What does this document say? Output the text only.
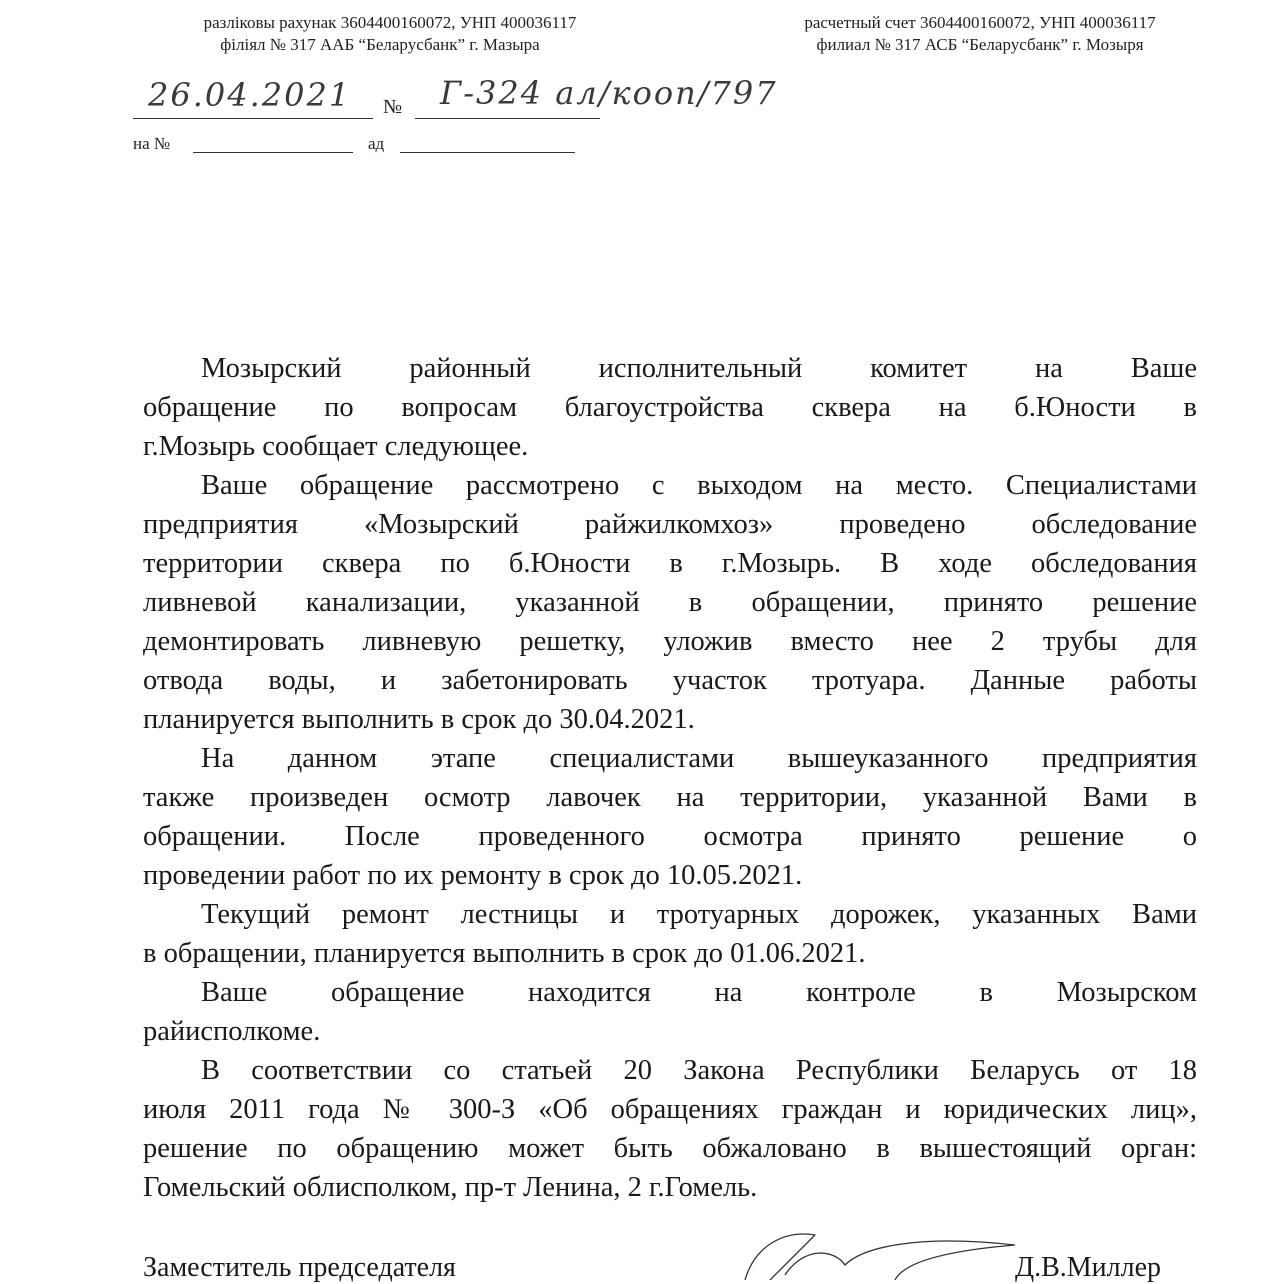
разліковы рахунак 3604400160072, УНП 400036117
філіял № 317 ААБ “Беларусбанк” г. Мазыра
расчетный счет 3604400160072, УНП 400036117
филиал № 317 АСБ “Беларусбанк” г. Мозыря
26.04.2021 № Г-324 ал/кооп/797
на №	ад
Мозырский районный исполнительный комитет на Ваше
обращение по вопросам благоустройства сквера на б.Юности в
г.Мозырь сообщает следующее.
Ваше обращение рассмотрено с выходом на место. Специалистами
предприятия «Мозырский райжилкомхоз» проведено обследование
территории сквера по б.Юности в г.Мозырь. В ходе обследования
ливневой канализации, указанной в обращении, принято решение
демонтировать ливневую решетку, уложив вместо нее 2 трубы для
отвода воды, и забетонировать участок тротуара. Данные работы
планируется выполнить в срок до 30.04.2021.
На данном этапе специалистами вышеуказанного предприятия
также произведен осмотр лавочек на территории, указанной Вами в
обращении. После проведенного осмотра принято решение о
проведении работ по их ремонту в срок до 10.05.2021.
Текущий ремонт лестницы и тротуарных дорожек, указанных Вами
в обращении, планируется выполнить в срок до 01.06.2021.
Ваше обращение находится на контроле в Мозырском
райисполкоме.
В соответствии со статьей 20 Закона Республики Беларусь от 18
июля 2011 года № 300-З «Об обращениях граждан и юридических лиц»,
решение по обращению может быть обжаловано в вышестоящий орган:
Гомельский облисполком, пр-т Ленина, 2 г.Гомель.
Заместитель председателя	Д.В.Миллер
